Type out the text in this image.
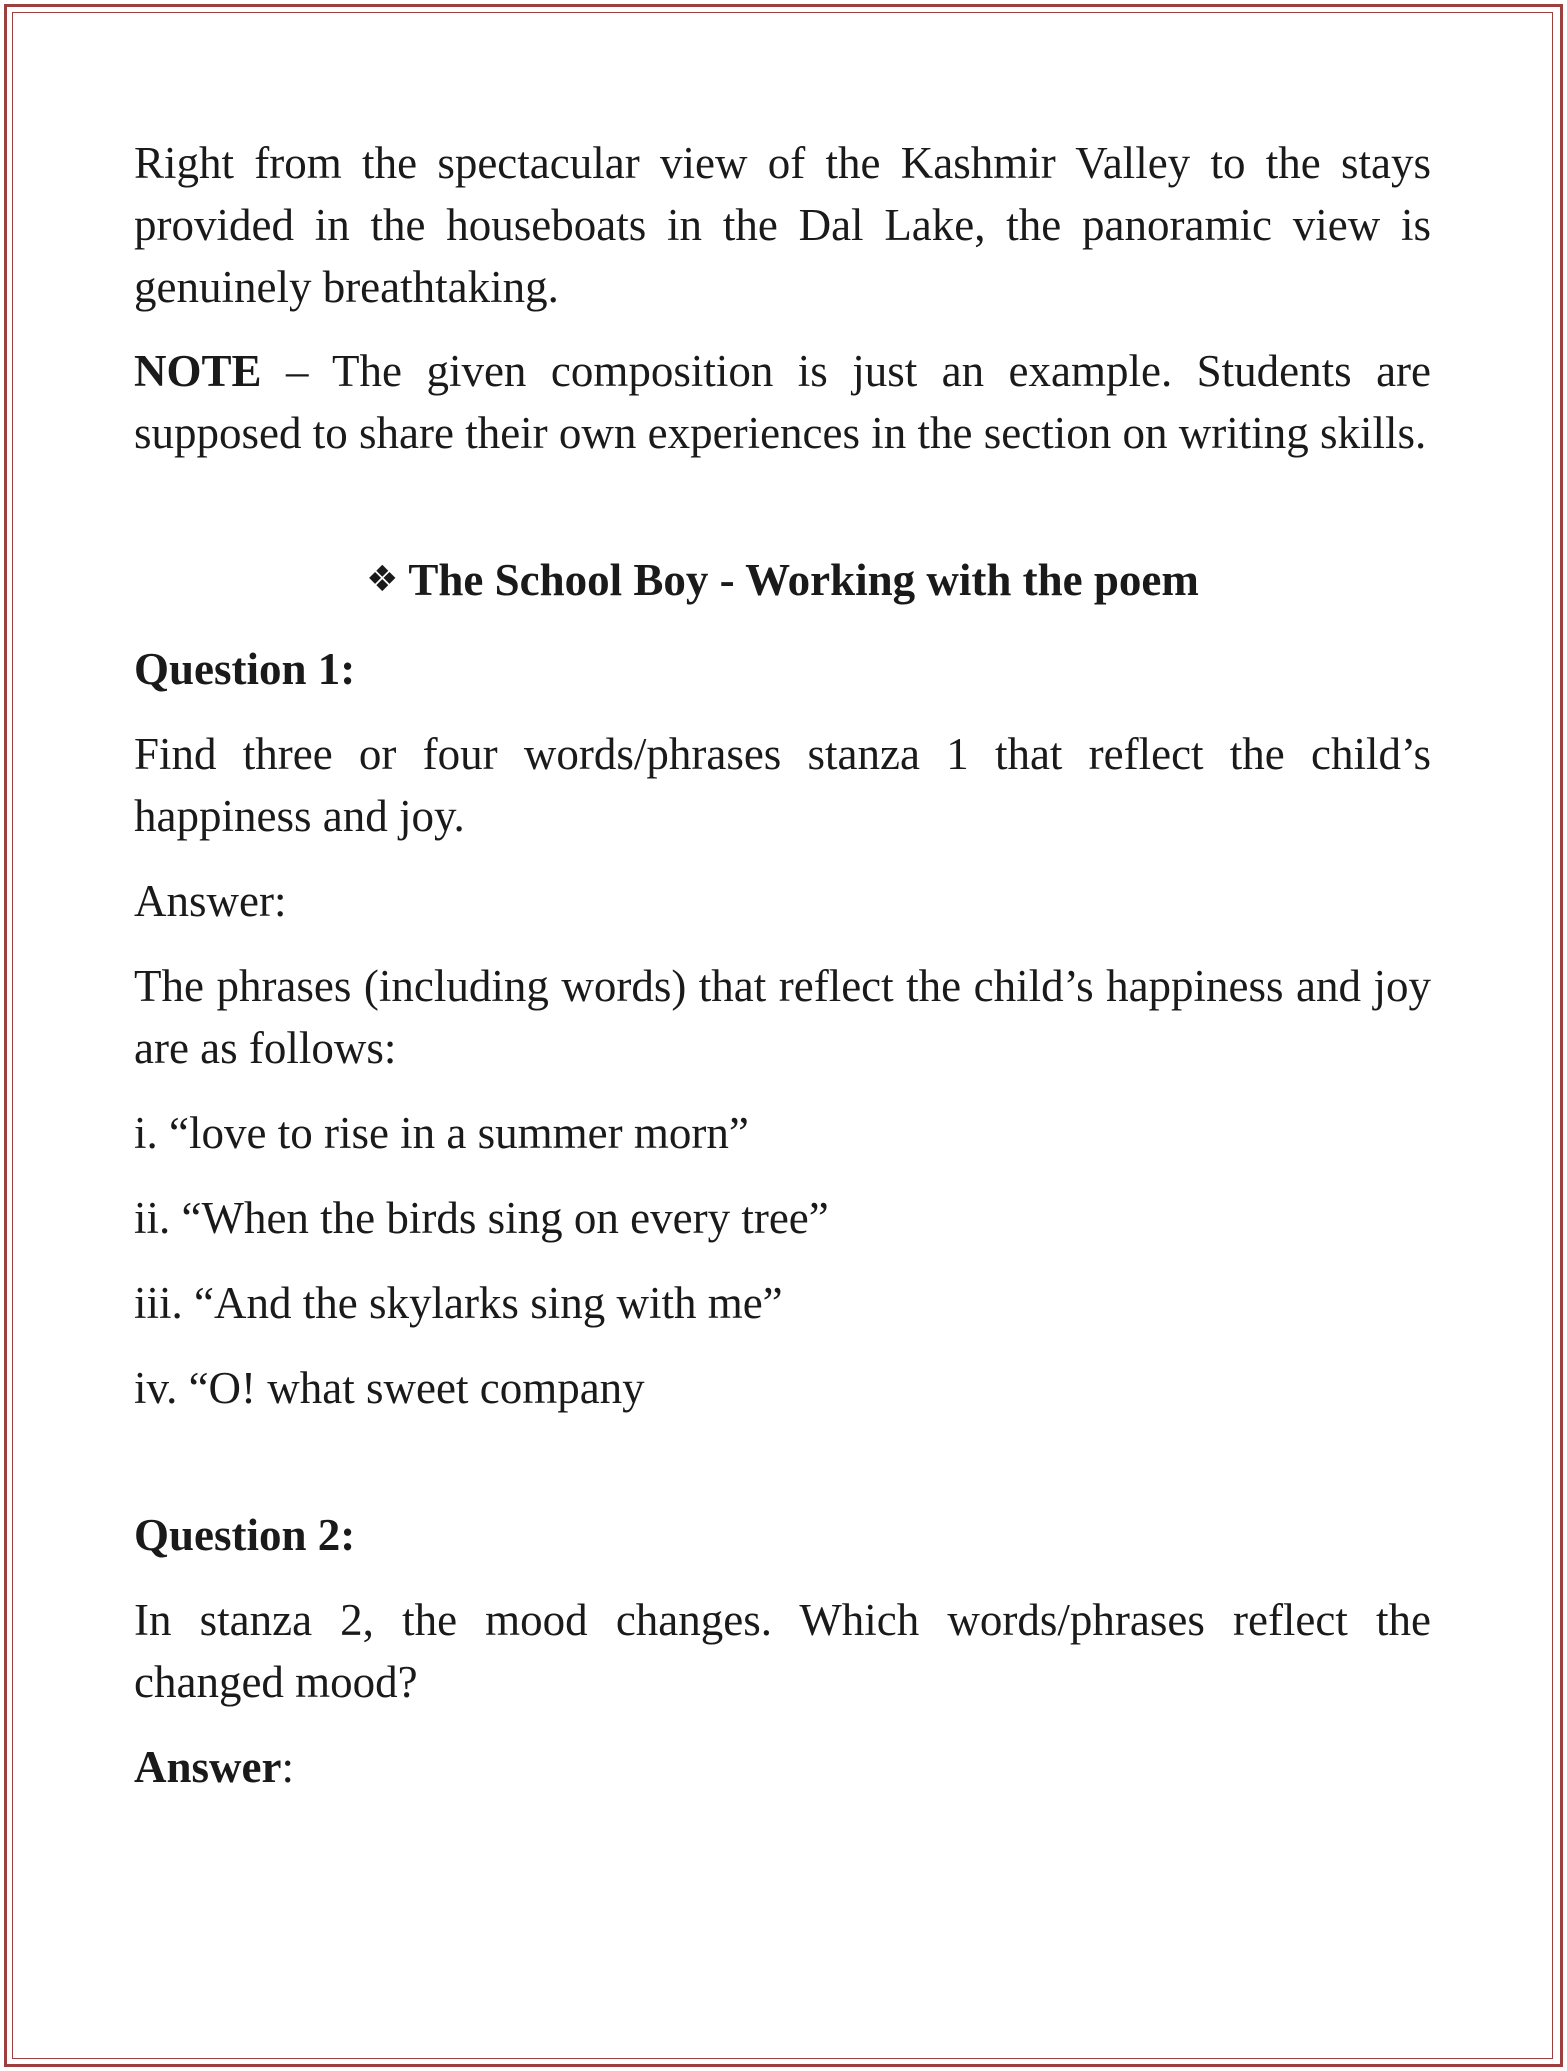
Right from the spectacular view of the Kashmir Valley to the stays provided in the houseboats in the Dal Lake, the panoramic view is genuinely breathtaking.

NOTE – The given composition is just an example. Students are supposed to share their own experiences in the section on writing skills.

❖ The School Boy - Working with the poem

Question 1:

Find three or four words/phrases stanza 1 that reflect the child’s happiness and joy.

Answer:

The phrases (including words) that reflect the child’s happiness and joy are as follows:

i. “love to rise in a summer morn”

ii. “When the birds sing on every tree”

iii. “And the skylarks sing with me”

iv. “O! what sweet company

Question 2:

In stanza 2, the mood changes. Which words/phrases reflect the changed mood?

Answer:
